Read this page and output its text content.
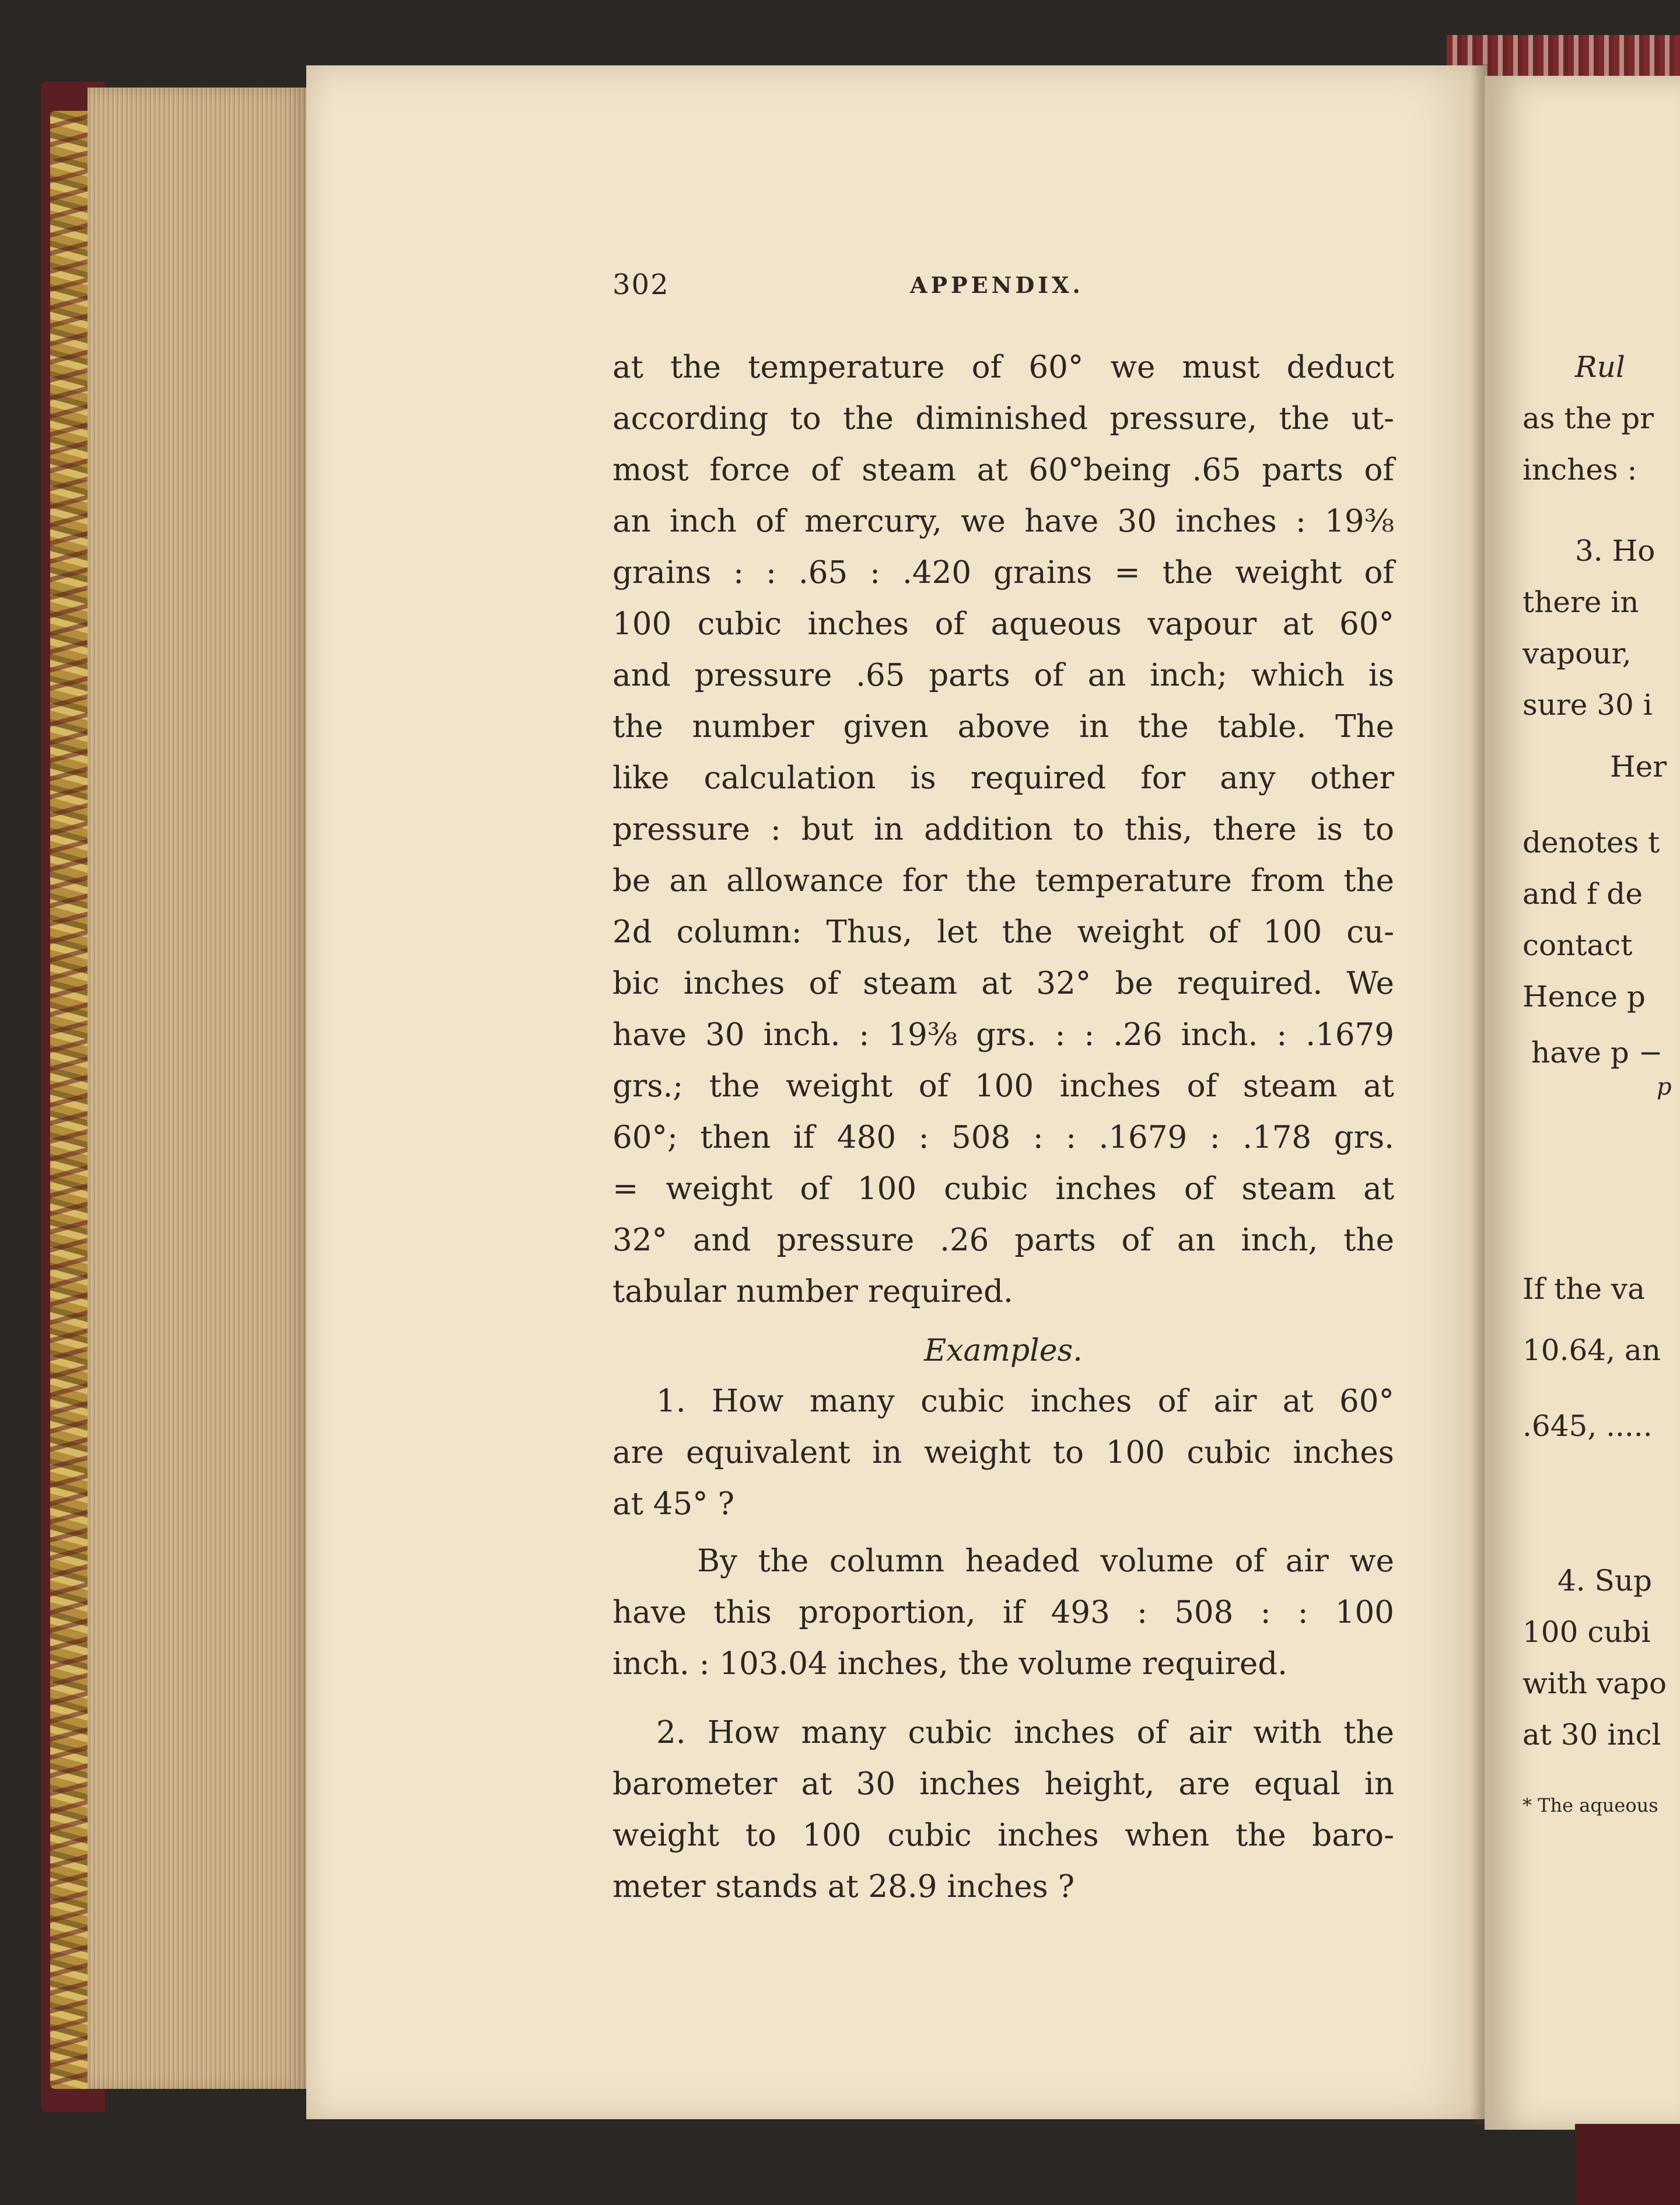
302	APPENDIX.
at the temperature of 60° we must deduct
according to the diminished pressure, the ut-
most force of steam at 60°being .65 parts of
an inch of mercury, we have 30 inches : 19⅜
grains : : .65 : .420 grains = the weight of
100 cubic inches of aqueous vapour at 60°
and pressure .65 parts of an inch; which is
the number given above in the table. The
like calculation is required for any other
pressure : but in addition to this, there is to
be an allowance for the temperature from the
2d column: Thus, let the weight of 100 cu-
bic inches of steam at 32° be required. We
have 30 inch. : 19⅜ grs. : : .26 inch. : .1679
grs.; the weight of 100 inches of steam at
60°; then if 480 : 508 : : .1679 : .178 grs.
= weight of 100 cubic inches of steam at
32° and pressure .26 parts of an inch, the
tabular number required.
Examples.
1. How many cubic inches of air at 60°
are equivalent in weight to 100 cubic inches
at 45° ?
By the column headed volume of air we
have this proportion, if 493 : 508 : : 100
inch. : 103.04 inches, the volume required.
2. How many cubic inches of air with the
barometer at 30 inches height, are equal in
weight to 100 cubic inches when the baro-
meter stands at 28.9 inches ?
Rul
as the pr
inches :
3. Ho
there in
vapour,
sure 30 i
Her
denotes t
and f de
contact
Hence p
have p −
p
If the va
10.64, an
.645, .....
4. Sup
100 cubi
with vapo
at 30 incl
* The aqueous
